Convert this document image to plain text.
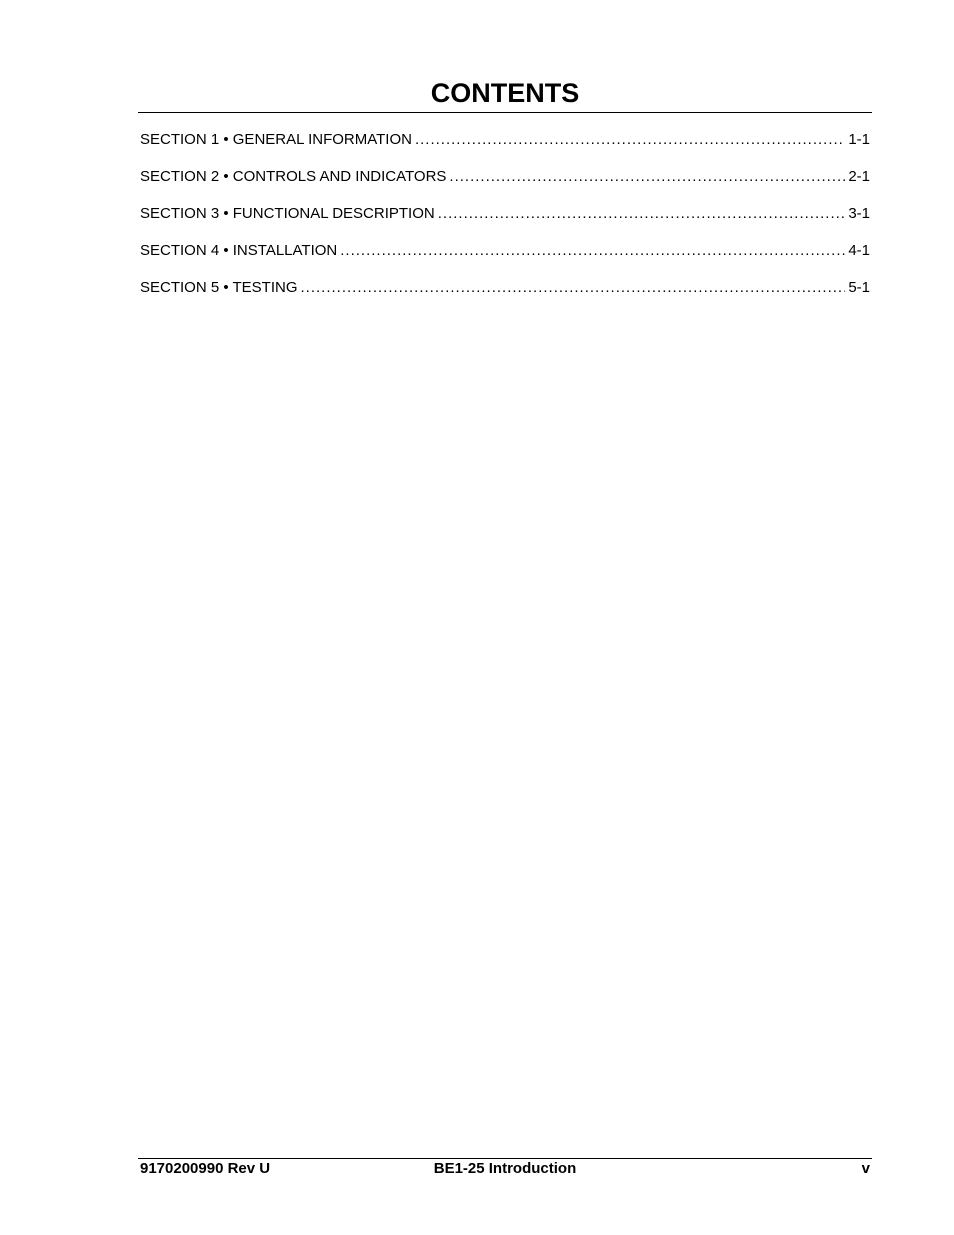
CONTENTS
SECTION 1 • GENERAL INFORMATION .....	1-1
SECTION 2 • CONTROLS AND INDICATORS .....	2-1
SECTION 3 • FUNCTIONAL DESCRIPTION .....	3-1
SECTION 4 • INSTALLATION .....	4-1
SECTION 5 • TESTING .....	5-1
BE1-25 Introduction
9170200990 Rev U	v
